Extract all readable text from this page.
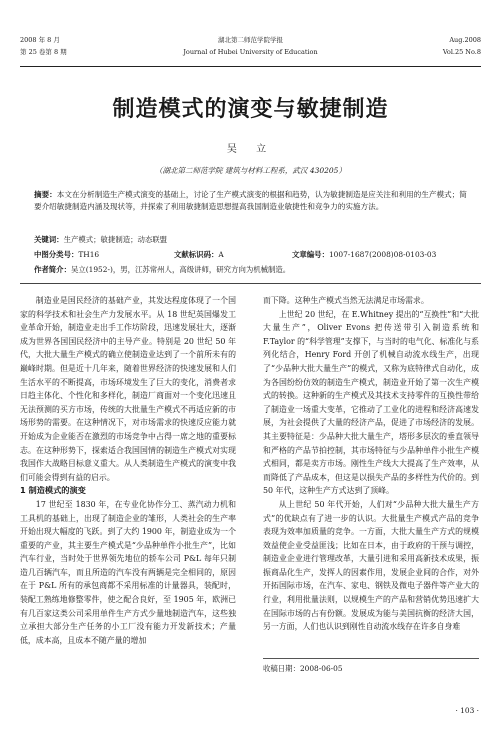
2008 年 8 月	湖北第二师范学院学报	Aug.2008
第 25 卷第 8 期	Journal of Hubei University of Education	Vol.25 No.8
制造模式的演变与敏捷制造
吴 立
（湖北第二师范学院 建筑与材料工程系，武汉 430205）
摘要：本文在分析制造生产模式演变的基础上，讨论了生产模式演变的根据和趋势，认为敏捷制造是应关注和利用的生产模式；简要介绍敏捷制造内涵及现状等，并探索了利用敏捷制造思想提高我国制造业敏捷性和竞争力的实施方法。
关键词：生产模式；敏捷制造；动态联盟
中图分类号：TH16	文献标识码：A	文章编号：1007-1687(2008)08-0103-03
作者简介：吴立(1952-)，男，江苏常州人，高级讲师，研究方向为机械制造。

制造业是国民经济的基础产业，其发达程度体现了一个国家的科学技术和社会生产力发展水平。从 18 世纪英国爆发工业革命开始，制造业走出手工作坊阶段，迅速发展壮大，逐渐成为世界各国国民经济中的主导产业。特别是 20 世纪 50 年代，大批大量生产模式的确立使制造业达到了一个前所未有的巅峰时期。但是近十几年来，随着世界经济的快速发展和人们生活水平的不断提高，市场环境发生了巨大的变化，消费者求日趋主体化、个性化和多样化，制造厂商面对一个变化迅速且无法预测的买方市场，传统的大批量生产模式不再适应新的市场形势的需要。在这种情况下，对市场需求的快速反应能力就开始成为企业能否在激烈的市场竞争中占得一席之地的重要标志。在这种形势下，探索适合我国国情的制造生产模式对实现我国作大战略目标意义重大。从人类制造生产模式的演变中我们可能会得到有益的启示。

1 制造模式的演变

17 世纪至 1830 年，在专业化协作分工、蒸汽动力机和工具机的基础上，出现了制造企业的雏形，人类社会的生产率开始出现大幅度的飞跃。到了大约 1900 年，制造业成为一个重要的产业，其主要生产模式是“少品种单件小批生产”，比如汽车行业，当时处于世界领先地位的轿车公司 P&L 每年只制造几百辆汽车，而且所造的汽车没有两辆是完全相同的，原因在于 P&L 所有的承包商都不采用标准的计量器具，装配时，装配工熟练地修整零件，使之配合良好，至 1905 年，欧洲已有几百家这类公司采用单件生产方式少量地制造汽车，这些独立承担大部分生产任务的小工厂没有能力开发新技术；产量低，成本高，且成本不随产量的增加

而下降。这种生产模式当然无法满足市场需求。

上世纪 20 世纪，在 E.Whitney 提出的“互换性”和“大批大量生产”，Oliver Evons 把传送带引入制造系统和 F.Taylor 的“科学管理”支撑下，与当时的电气化、标准化与系列化结合，Henry Ford 开创了机械自动流水线生产，出现了“少品种大批大量生产”的模式，又称为底特律式自动化，成为各国纷纷仿效的制造生产模式，制造业开始了第一次生产模式的转换。这种新的生产模式及其技术支持零件的互换性带给了制造业一场重大变革，它推动了工业化的进程和经济高速发展，为社会提供了大量的经济产品，促进了市场经济的发展。其主要特征是：少品种大批大量生产，塔形多层次的垂直领导和严格的产品节拍控制，其市场特征与少品种单件小批生产模式相同，都是卖方市场。刚性生产线大大提高了生产效率，从而降低了产品成本，但这是以损失产品的多样性为代价的。到 50 年代，这种生产方式达到了顶峰。

从上世纪 50 年代开始，人们对“少品种大批大量生产方式”的优缺点有了进一步的认识。大批量生产模式产品的竞争表现为效率加质量的竞争。一方面，大批大量生产方式的规模效益使企业受益匪浅；比如在日本，由于政府的干预与调控，制造业企业进行管理改革，大量引进和采用高新技术成果，振振商品化生产，发挥人的因素作用，发展企业间的合作，对外开拓国际市场，在汽车、家电、钢铁及微电子器件等产业大的行业，利用批量法则，以规模生产的产品和营销优势迅速扩大在国际市场的占有份额。发展成为能与美国抗衡的经济大国，另一方面，人们也认识到刚性自动流水线存在许多自身难

收稿日期：2008-06-05
· 103 ·
